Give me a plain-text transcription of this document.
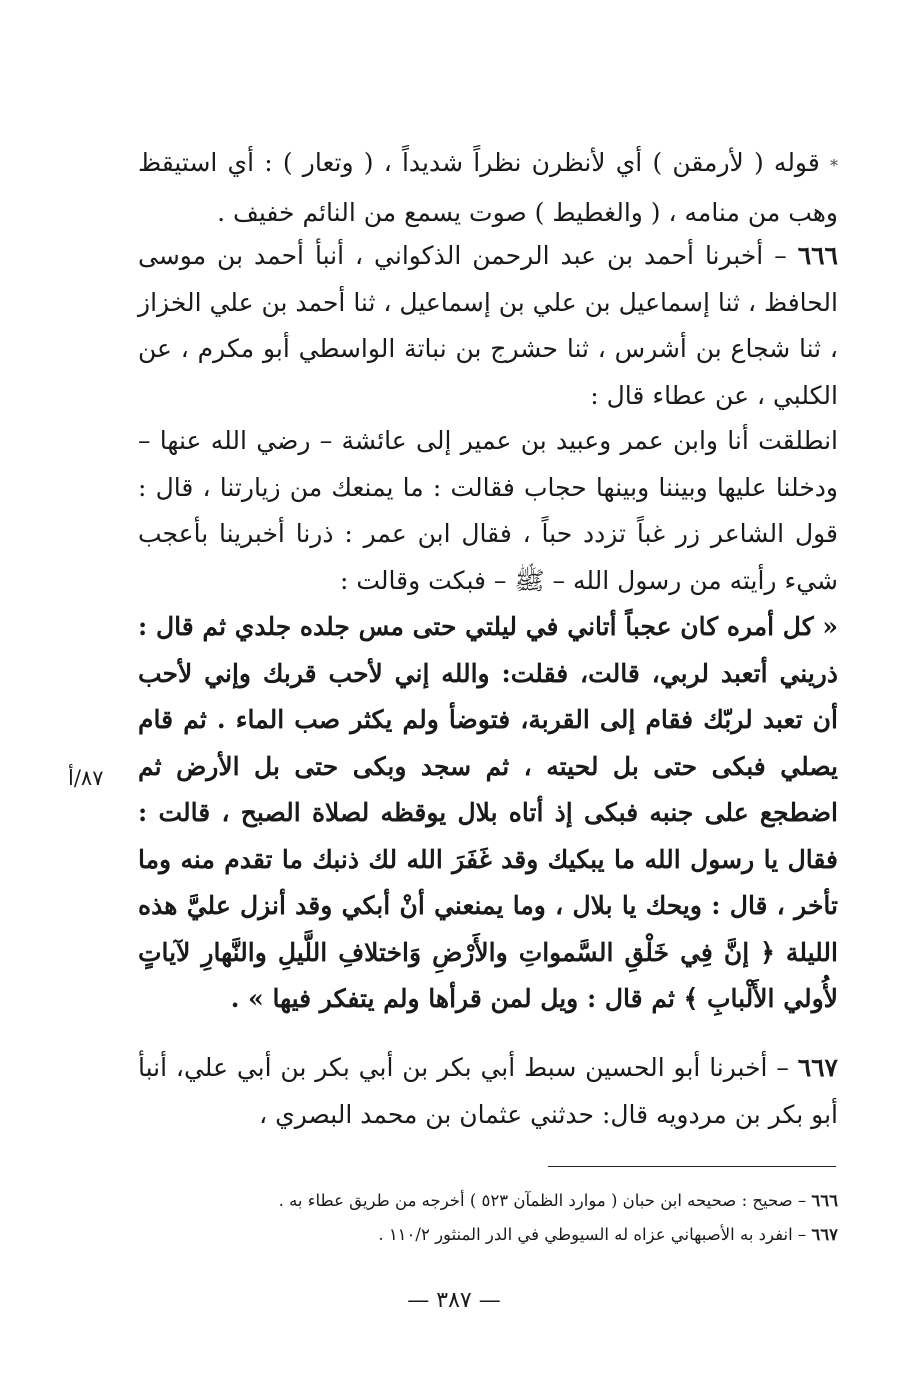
* قوله ( لأرمقن ) أي لأنظرن نظراً شديداً ، ( وتعار ) : أي استيقظ وهب من منامه ، ( والغطيط ) صوت يسمع من النائم خفيف .
٦٦٦ – أخبرنا أحمد بن عبد الرحمن الذكواني ، أنبأ أحمد بن موسى الحافظ ، ثنا إسماعيل بن علي بن إسماعيل ، ثنا أحمد بن علي الخزاز ، ثنا شجاع بن أشرس ، ثنا حشرج بن نباتة الواسطي أبو مكرم ، عن الكلبي ، عن عطاء قال :
انطلقت أنا وابن عمر وعبيد بن عمير إلى عائشة – رضي الله عنها – ودخلنا عليها وبيننا وبينها حجاب فقالت : ما يمنعك من زيارتنا ، قال : قول الشاعر زر غباً تزدد حباً ، فقال ابن عمر : ذرنا أخبرينا بأعجب شيء رأيته من رسول الله – ﷺ – فبكت وقالت :
« كل أمره كان عجباً أتاني في ليلتي حتى مس جلده جلدي ثم قال : ذريني أتعبد لربي، قالت، فقلت: والله إني لأحب قربك وإني لأحب أن تعبد لربّك فقام إلى القربة، فتوضأ ولم يكثر صب الماء . ثم قام يصلي فبكى حتى بل لحيته ، ثم سجد وبكى حتى بل الأرض ثم اضطجع على جنبه فبكى إذ أتاه بلال يوقظه لصلاة الصبح ، قالت : فقال يا رسول الله ما يبكيك وقد غَفَرَ الله لك ذنبك ما تقدم منه وما تأخر ، قال : ويحك يا بلال ، وما يمنعني أنْ أبكي وقد أنزل عليَّ هذه الليلة ﴿ إنَّ فِي خَلْقِ السَّمواتِ والأَرْضِ وَاختلافِ اللَّيلِ والنَّهارِ لآياتٍ لأُولي الأَلْبابِ ﴾ ثم قال : ويل لمن قرأها ولم يتفكر فيها » .
٨٧/أ
٦٦٧ – أخبرنا أبو الحسين سبط أبي بكر بن أبي بكر بن أبي علي، أنبأ أبو بكر بن مردويه قال: حدثني عثمان بن محمد البصري ،
٦٦٦ – صحيح : صحيحه ابن حبان ( موارد الظمآن ٥٢٣ ) أخرجه من طريق عطاء به .
٦٦٧ – انفرد به الأصبهاني عزاه له السيوطي في الدر المنثور ١١٠/٢ .
— ٣٨٧ —
